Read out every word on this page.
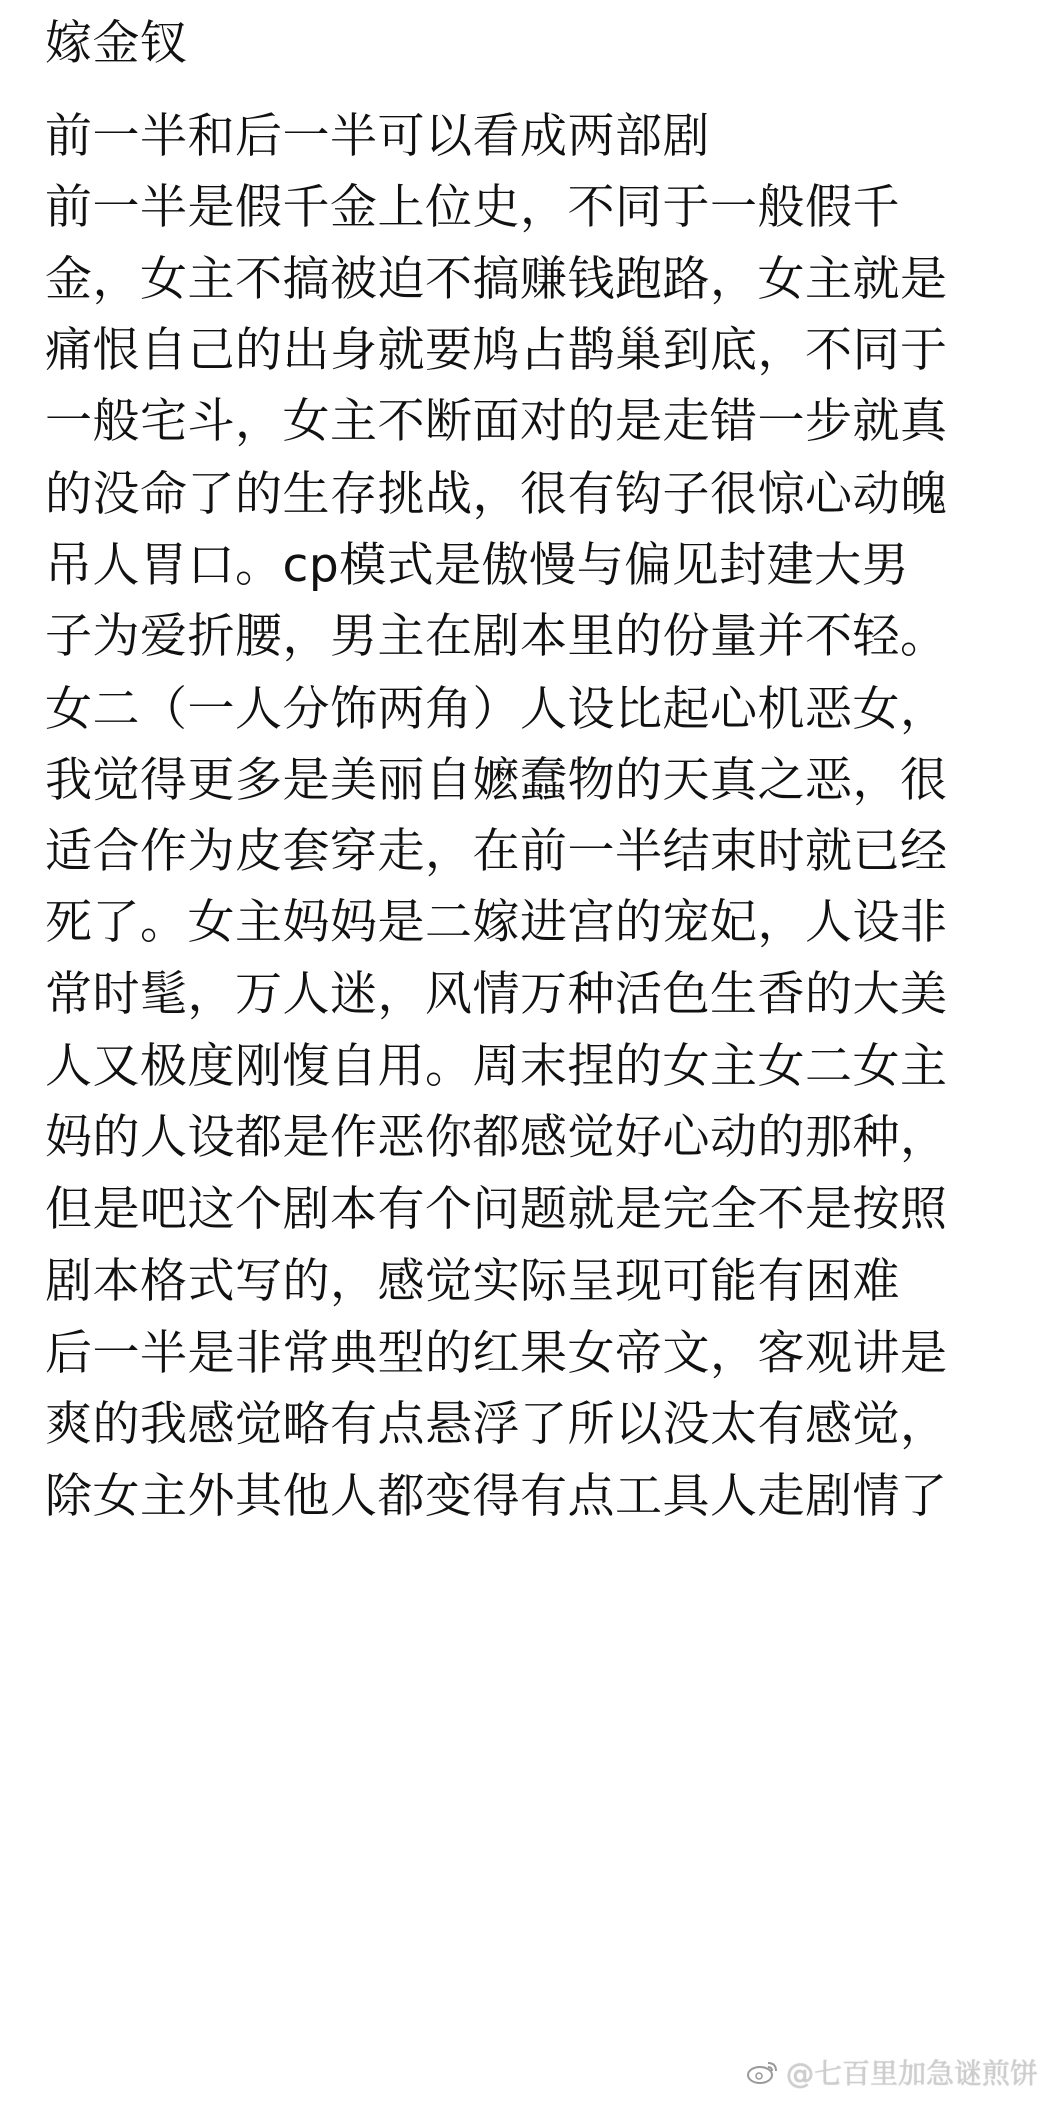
嫁金钗

前一半和后一半可以看成两部剧

前一半是假千金上位史，不同于一般假千

金，女主不搞被迫不搞赚钱跑路，女主就是

痛恨自己的出身就要鸠占鹊巢到底，不同于

一般宅斗，女主不断面对的是走错一步就真

的没命了的生存挑战，很有钩子很惊心动魄

吊人胃口。cp模式是傲慢与偏见封建大男

子为爱折腰，男主在剧本里的份量并不轻。

女二（一人分饰两角）人设比起心机恶女，

我觉得更多是美丽自嬷蠢物的天真之恶，很

适合作为皮套穿走，在前一半结束时就已经

死了。女主妈妈是二嫁进宫的宠妃，人设非

常时髦，万人迷，风情万种活色生香的大美

人又极度刚愎自用。周末捏的女主女二女主

妈的人设都是作恶你都感觉好心动的那种，

但是吧这个剧本有个问题就是完全不是按照

剧本格式写的，感觉实际呈现可能有困难

后一半是非常典型的红果女帝文，客观讲是

爽的我感觉略有点悬浮了所以没太有感觉，

除女主外其他人都变得有点工具人走剧情了

@七百里加急谜煎饼
